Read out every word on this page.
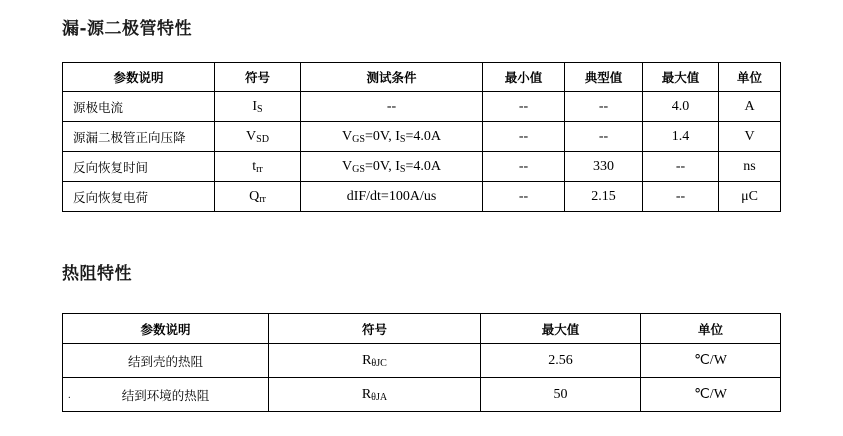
漏-源二极管特性
参数说明	符号	测试条件	最小值	典型值	最大值	单位
源极电流	$I_S$	--	--	--	4.0	A
源漏二极管正向压降	$V_{SD}$	$V_{GS}=0V$, $I_S=4.0A$	--	--	1.4	V
反向恢复时间	$t_{rr}$	$V_{GS}=0V$, $I_S=4.0A$	--	330	--	ns
反向恢复电荷	$Q_{rr}$	dIF/dt=100A/us	--	2.15	--	μC
热阻特性
参数说明	符号	最大值	单位
结到壳的热阻	$R_{\theta JC}$	2.56	℃/W
结到环境的热阻	$R_{\theta JA}$	50	℃/W
.
